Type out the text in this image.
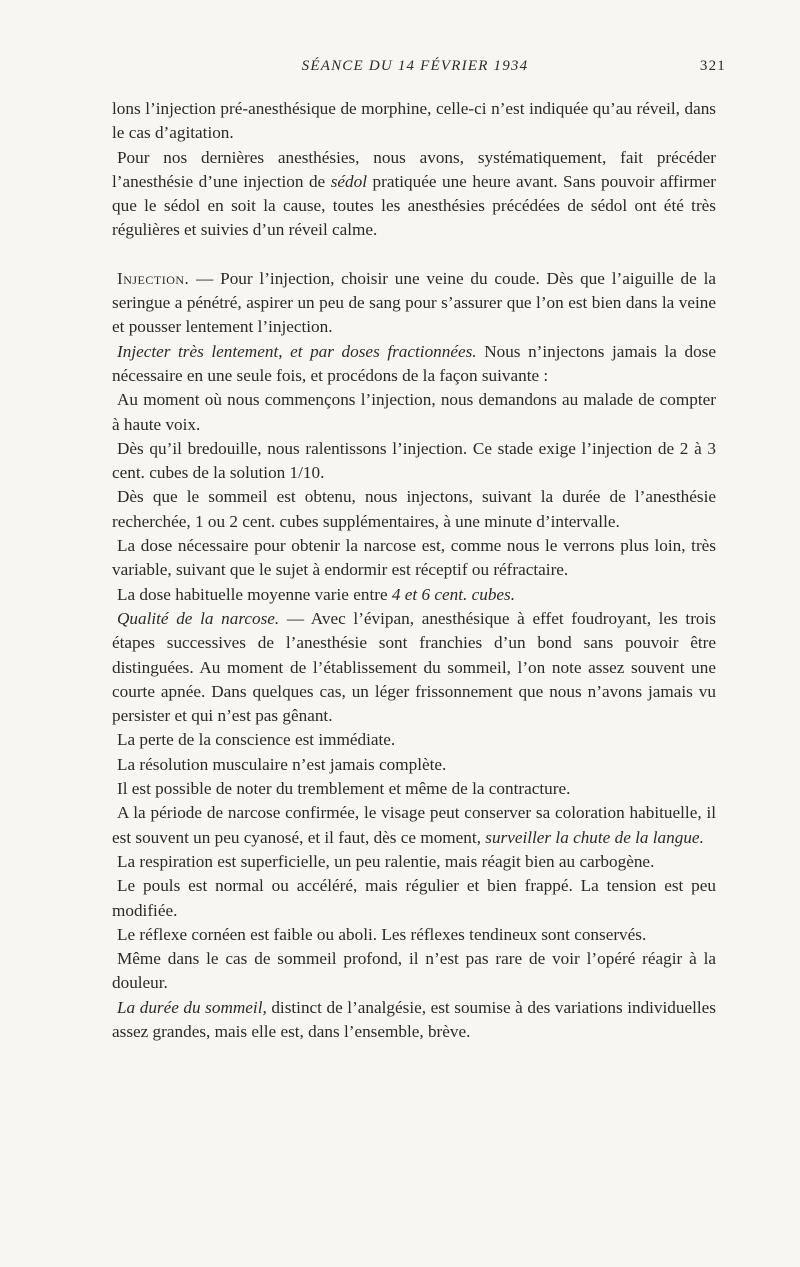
SÉANCE DU 14 FÉVRIER 1934	321

lons l’injection pré-anesthésique de morphine, celle-ci n’est indiquée qu’au réveil, dans le cas d’agitation.

Pour nos dernières anesthésies, nous avons, systématiquement, fait précéder l’anesthésie d’une injection de sédol pratiquée une heure avant. Sans pouvoir affirmer que le sédol en soit la cause, toutes les anesthésies précédées de sédol ont été très régulières et suivies d’un réveil calme.

Injection. — Pour l’injection, choisir une veine du coude. Dès que l’aiguille de la seringue a pénétré, aspirer un peu de sang pour s’assurer que l’on est bien dans la veine et pousser lentement l’injection.

Injecter très lentement, et par doses fractionnées. Nous n’injectons jamais la dose nécessaire en une seule fois, et procédons de la façon suivante :

Au moment où nous commençons l’injection, nous demandons au malade de compter à haute voix.

Dès qu’il bredouille, nous ralentissons l’injection. Ce stade exige l’injection de 2 à 3 cent. cubes de la solution 1/10.

Dès que le sommeil est obtenu, nous injectons, suivant la durée de l’anesthésie recherchée, 1 ou 2 cent. cubes supplémentaires, à une minute d’intervalle.

La dose nécessaire pour obtenir la narcose est, comme nous le verrons plus loin, très variable, suivant que le sujet à endormir est réceptif ou réfractaire.

La dose habituelle moyenne varie entre 4 et 6 cent. cubes.

Qualité de la narcose. — Avec l’évipan, anesthésique à effet foudroyant, les trois étapes successives de l’anesthésie sont franchies d’un bond sans pouvoir être distinguées. Au moment de l’établissement du sommeil, l’on note assez souvent une courte apnée. Dans quelques cas, un léger frissonnement que nous n’avons jamais vu persister et qui n’est pas gênant.

La perte de la conscience est immédiate.

La résolution musculaire n’est jamais complète.

Il est possible de noter du tremblement et même de la contracture.

A la période de narcose confirmée, le visage peut conserver sa coloration habituelle, il est souvent un peu cyanosé, et il faut, dès ce moment, surveiller la chute de la langue.

La respiration est superficielle, un peu ralentie, mais réagit bien au carbogène.

Le pouls est normal ou accéléré, mais régulier et bien frappé. La tension est peu modifiée.

Le réflexe cornéen est faible ou aboli. Les réflexes tendineux sont conservés.

Même dans le cas de sommeil profond, il n’est pas rare de voir l’opéré réagir à la douleur.

La durée du sommeil, distinct de l’analgésie, est soumise à des variations individuelles assez grandes, mais elle est, dans l’ensemble, brève.
